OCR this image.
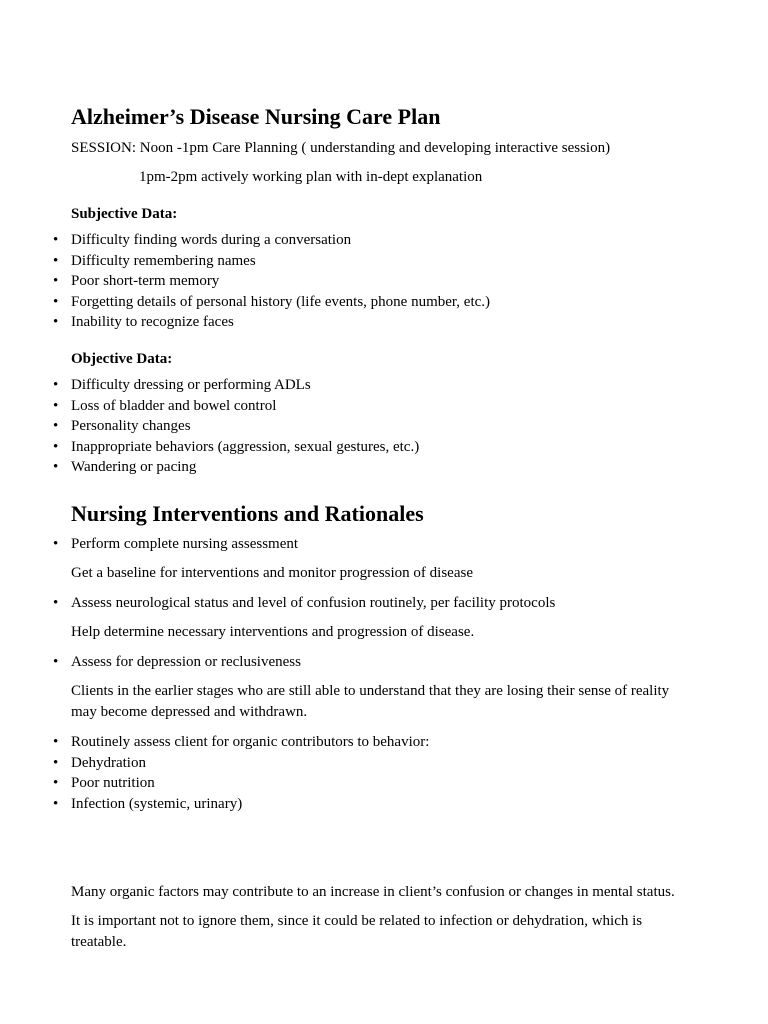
Alzheimer’s Disease Nursing Care Plan

SESSION: Noon -1pm Care Planning ( understanding and developing interactive session)

1pm-2pm actively working plan with in-dept explanation

Subjective Data:

• Difficulty finding words during a conversation
• Difficulty remembering names
• Poor short-term memory
• Forgetting details of personal history (life events, phone number, etc.)
• Inability to recognize faces

Objective Data:

• Difficulty dressing or performing ADLs
• Loss of bladder and bowel control
• Personality changes
• Inappropriate behaviors (aggression, sexual gestures, etc.)
• Wandering or pacing
Nursing Interventions and Rationales
• Perform complete nursing assessment

Get a baseline for interventions and monitor progression of disease

• Assess neurological status and level of confusion routinely, per facility protocols

Help determine necessary interventions and progression of disease.

• Assess for depression or reclusiveness

Clients in the earlier stages who are still able to understand that they are losing their sense of reality may become depressed and withdrawn.

• Routinely assess client for organic contributors to behavior:
• Dehydration
• Poor nutrition
• Infection (systemic, urinary)

Many organic factors may contribute to an increase in client’s confusion or changes in mental status.

It is important not to ignore them, since it could be related to infection or dehydration, which is treatable.
